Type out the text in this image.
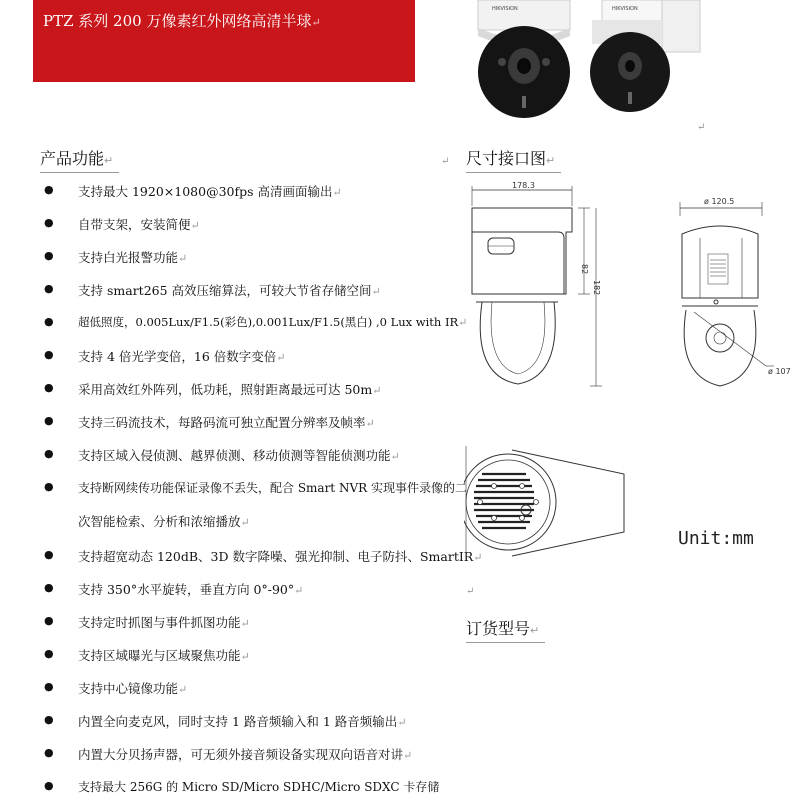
PTZ 系列 200 万像素红外网络高清半球↵
HIKVISION	HIKVISION
↵
产品功能↵	尺寸接口图↵
订货型号↵
↵
↵
● 支持最大 1920×1080@30fps 高清画面输出↵
● 自带支架，安装简便↵
● 支持白光报警功能↵
● 支持 smart265 高效压缩算法，可较大节省存储空间↵
● 超低照度，0.005Lux/F1.5(彩色),0.001Lux/F1.5(黑白) ,0 Lux with IR↵
● 支持 4 倍光学变倍，16 倍数字变倍↵
● 采用高效红外阵列，低功耗，照射距离最远可达 50m↵
● 支持三码流技术，每路码流可独立配置分辨率及帧率↵
● 支持区域入侵侦测、越界侦测、移动侦测等智能侦测功能↵
● 支持断网续传功能保证录像不丢失，配合 Smart NVR 实现事件录像的二
次智能检索、分析和浓缩播放↵
● 支持超宽动态 120dB、3D 数字降噪、强光抑制、电子防抖、SmartIR↵
● 支持 350°水平旋转，垂直方向 0°-90°↵
● 支持定时抓图与事件抓图功能↵
● 支持区域曝光与区域聚焦功能↵
● 支持中心镜像功能↵
● 内置全向麦克风，同时支持 1 路音频输入和 1 路音频输出↵
● 内置大分贝扬声器，可无须外接音频设备实现双向语音对讲↵
● 支持最大 256G 的 Micro SD/Micro SDHC/Micro SDXC 卡存储
178.3
82
182
ø 120.5
ø 107
Unit:mm
